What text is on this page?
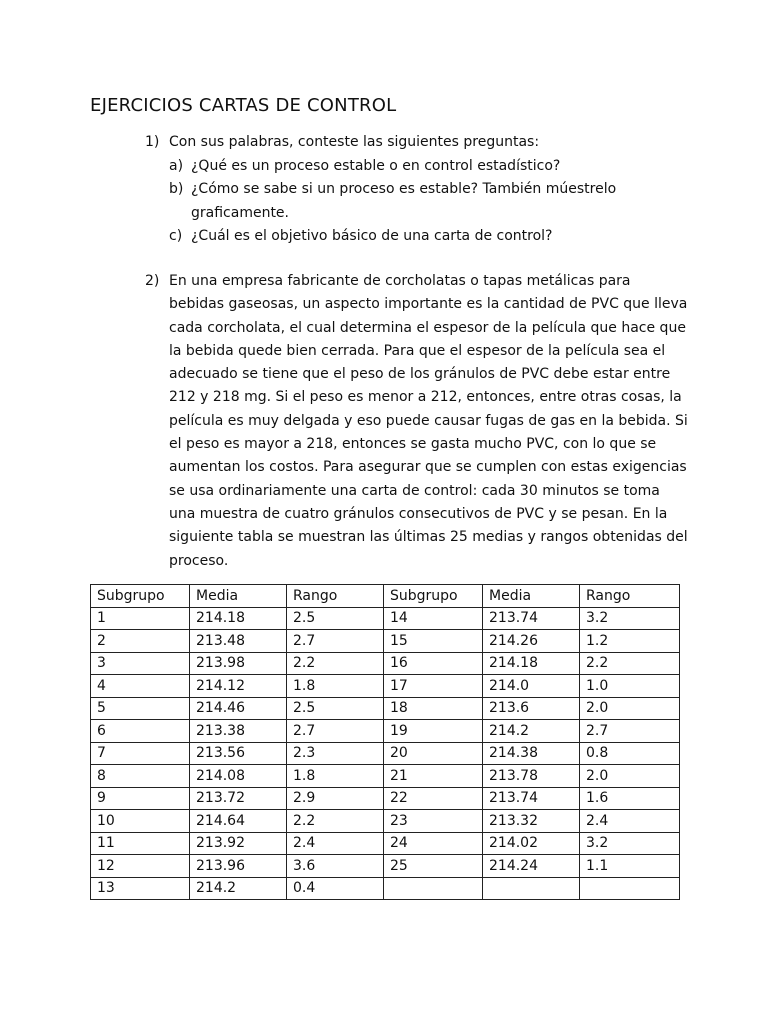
EJERCICIOS CARTAS DE CONTROL
1) Con sus palabras, conteste las siguientes preguntas:
a) ¿Qué es un proceso estable o en control estadístico?
b) ¿Cómo se sabe si un proceso es estable? También múestrelo
graficamente.
c) ¿Cuál es el objetivo básico de una carta de control?
2) En una empresa fabricante de corcholatas o tapas metálicas para
bebidas gaseosas, un aspecto importante es la cantidad de PVC que lleva
cada corcholata, el cual determina el espesor de la película que hace que
la bebida quede bien cerrada. Para que el espesor de la película sea el
adecuado se tiene que el peso de los gránulos de PVC debe estar entre
212 y 218 mg. Si el peso es menor a 212, entonces, entre otras cosas, la
película es muy delgada y eso puede causar fugas de gas en la bebida. Si
el peso es mayor a 218, entonces se gasta mucho PVC, con lo que se
aumentan los costos. Para asegurar que se cumplen con estas exigencias
se usa ordinariamente una carta de control: cada 30 minutos se toma
una muestra de cuatro gránulos consecutivos de PVC y se pesan. En la
siguiente tabla se muestran las últimas 25 medias y rangos obtenidas del
proceso.
Subgrupo	Media	Rango	Subgrupo	Media	Rango
1	214.18	2.5	14	213.74	3.2
2	213.48	2.7	15	214.26	1.2
3	213.98	2.2	16	214.18	2.2
4	214.12	1.8	17	214.0	1.0
5	214.46	2.5	18	213.6	2.0
6	213.38	2.7	19	214.2	2.7
7	213.56	2.3	20	214.38	0.8
8	214.08	1.8	21	213.78	2.0
9	213.72	2.9	22	213.74	1.6
10	214.64	2.2	23	213.32	2.4
11	213.92	2.4	24	214.02	3.2
12	213.96	3.6	25	214.24	1.1
13	214.2	0.4			
